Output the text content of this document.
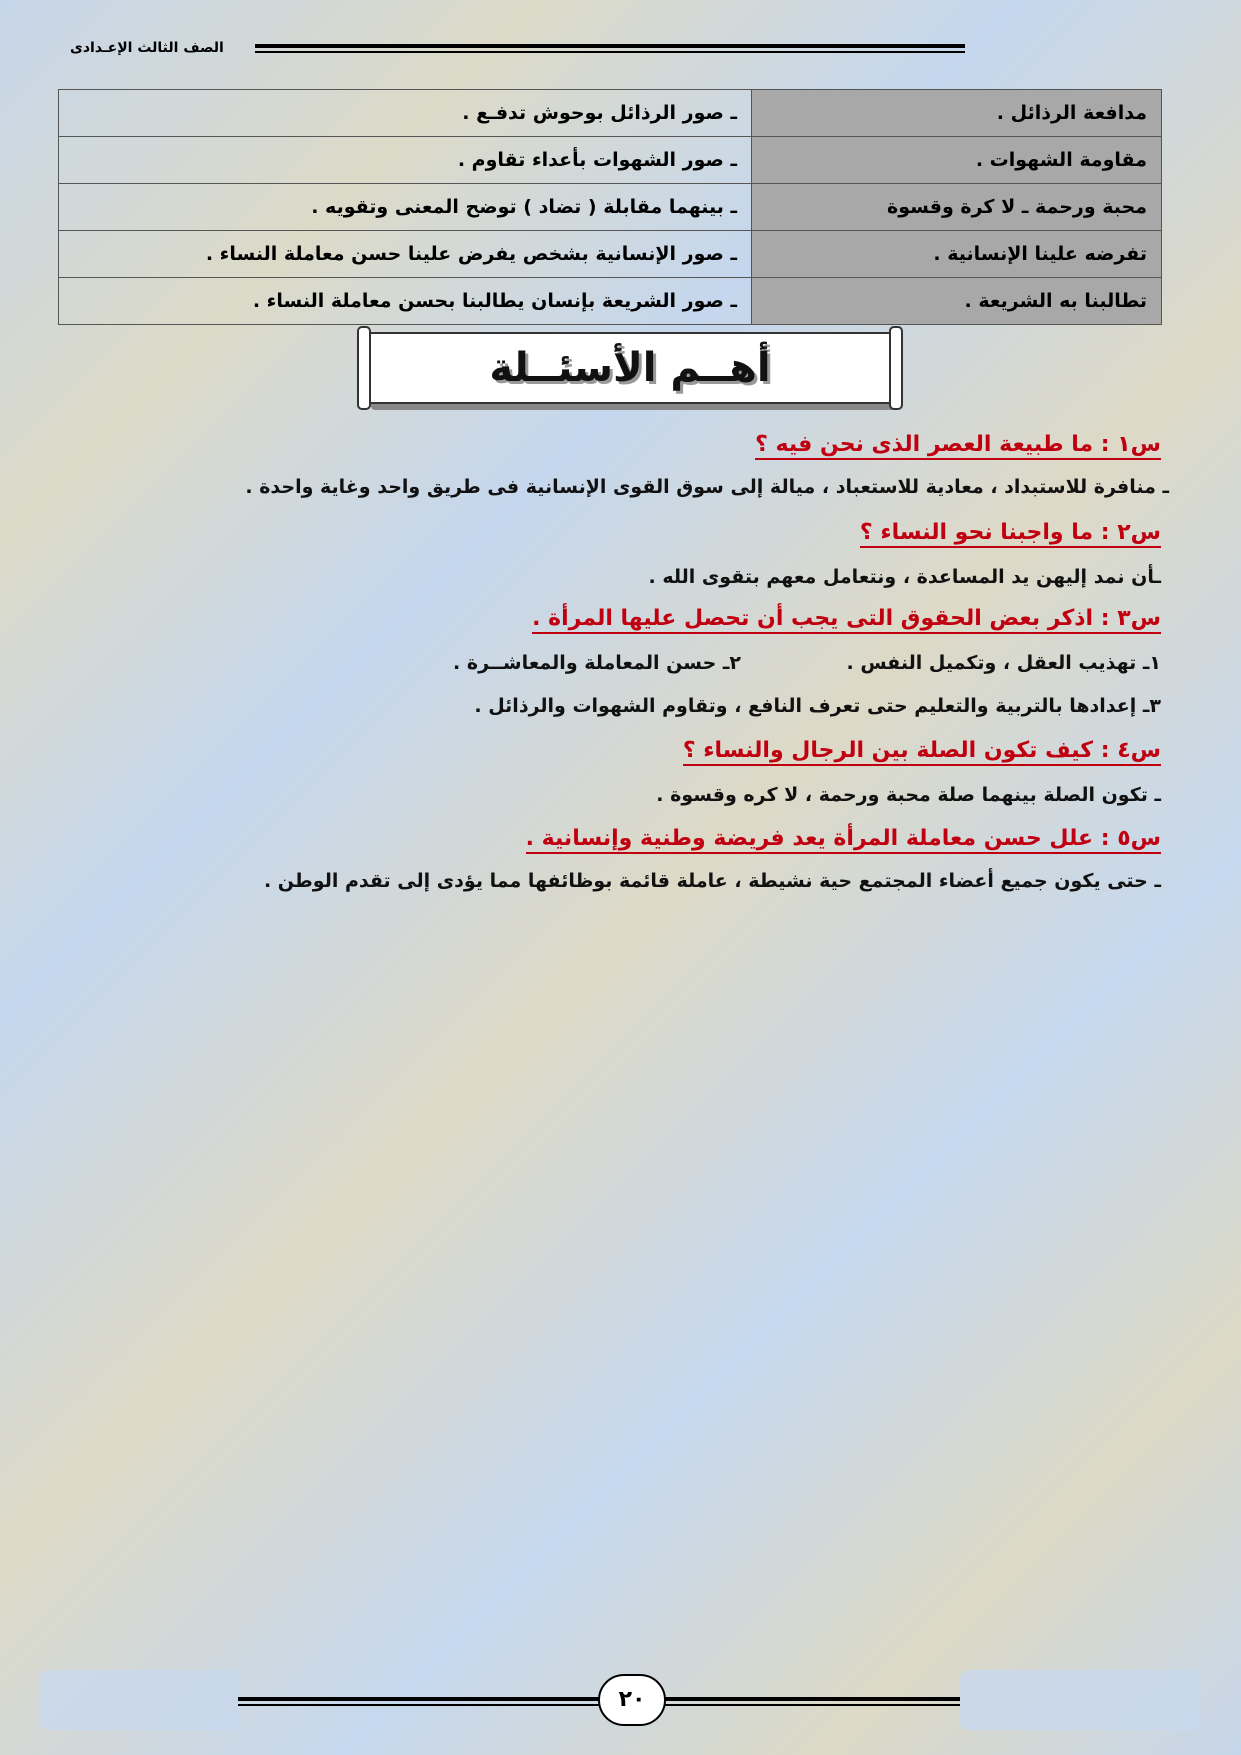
الصف الثالث الإعـدادى
مدافعة الرذائل .	ـ صور الرذائل بوحوش تدفـع .
مقاومة الشهوات .	ـ صور الشهوات بأعداء تقاوم .
محبة ورحمة ـ لا كرة وقسوة	ـ بينهما مقابلة ( تضاد ) توضح المعنى وتقويه .
تفرضه علينا الإنسانية .	ـ صور الإنسانية بشخص يفرض علينا حسن معاملة النساء .
تطالبنا به الشريعة .	ـ صور الشريعة بإنسان يطالبنا بحسن معاملة النساء .
أهــم الأسئــلة
س١ : ما طبيعة العصر الذى نحن فيه ؟
ـ منافرة للاستبداد ، معادية للاستعباد ، ميالة إلى سوق القوى الإنسانية فى طريق واحد وغاية واحدة .
س٢ : ما واجبنا نحو النساء ؟
ـأن نمد إليهن يد المساعدة ، ونتعامل معهم بتقوى الله .
س٣ : اذكر بعض الحقوق التى يجب أن تحصل عليها المرأة .
١ـ تهذيب العقل ، وتكميل النفس .
٢ـ حسن المعاملة والمعاشــرة .
٣ـ إعدادها بالتربية والتعليم حتى تعرف النافع ، وتقاوم الشهوات والرذائل .
س٤ : كيف تكون الصلة بين الرجال والنساء ؟
ـ تكون الصلة بينهما صلة محبة ورحمة ، لا كره وقسوة .
س٥ : علل حسن معاملة المرأة يعد فريضة وطنية وإنسانية .
ـ حتى يكون جميع أعضاء المجتمع حية نشيطة ، عاملة قائمة بوظائفها مما يؤدى إلى تقدم الوطن .
٢٠
